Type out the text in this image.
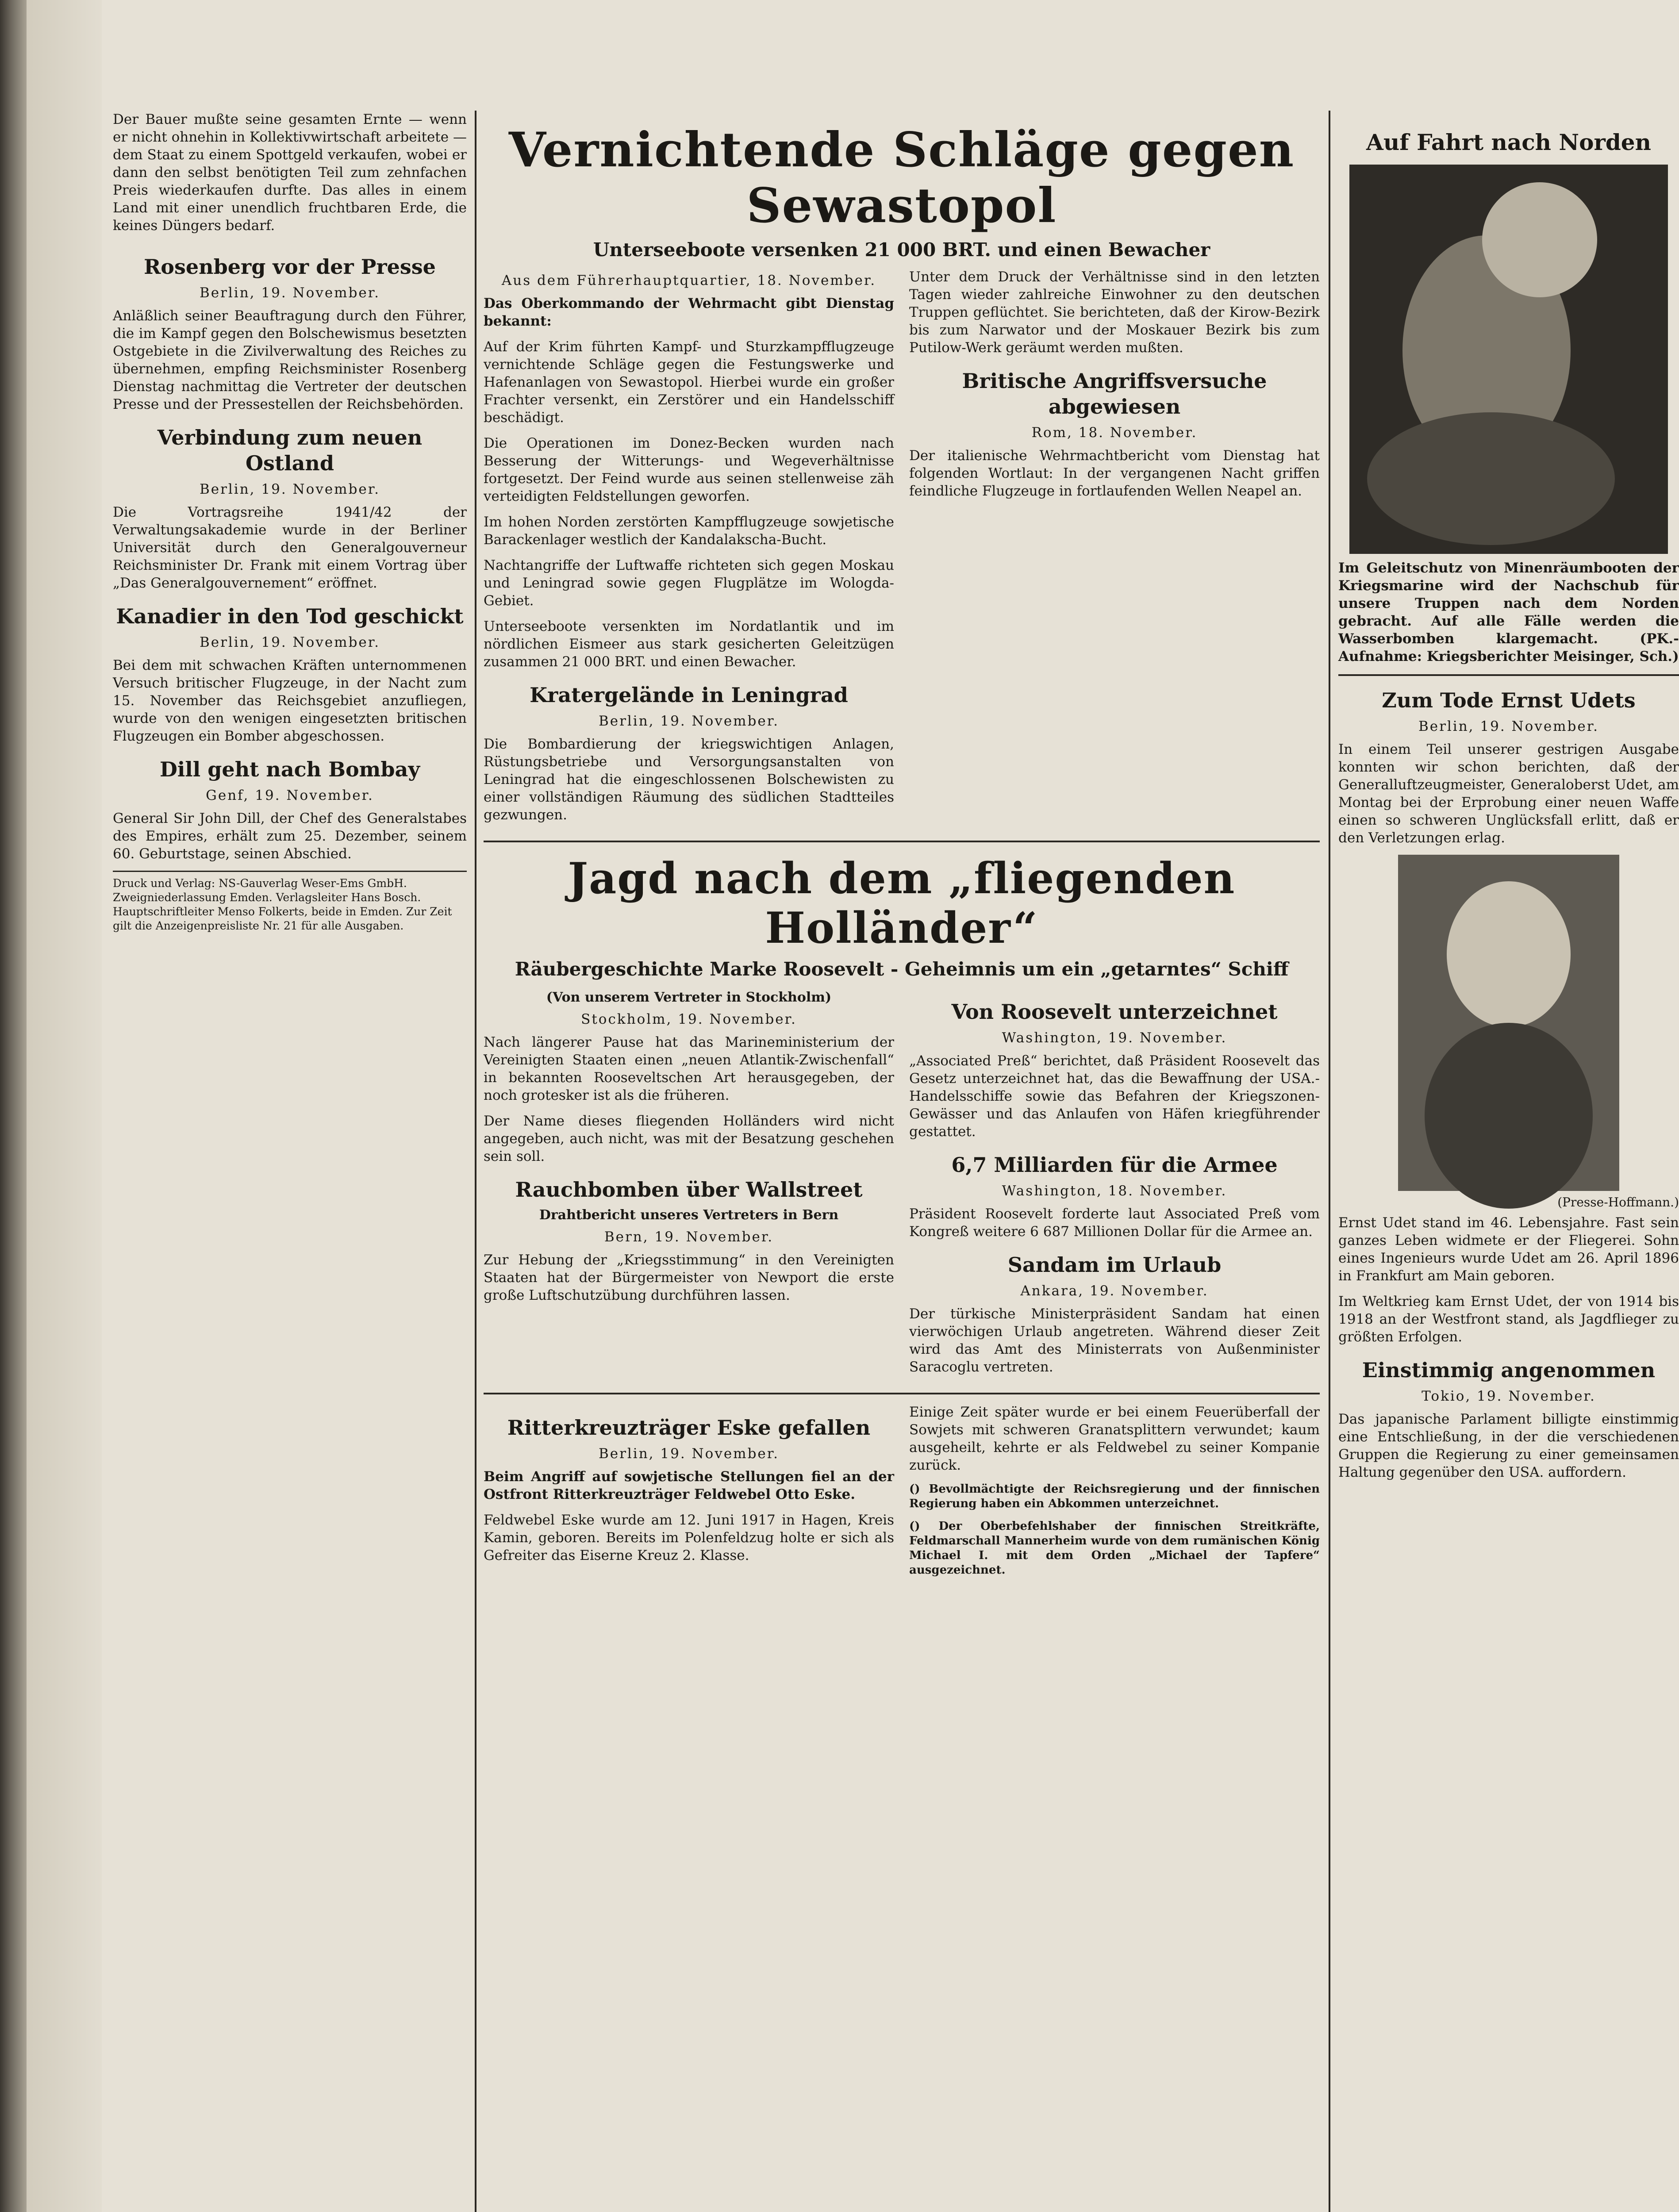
Der Bauer mußte seine gesamten Ernte — wenn er nicht ohnehin in Kollektivwirtschaft arbeitete — dem Staat zu einem Spottgeld verkaufen, wobei er dann den selbst benötigten Teil zum zehnfachen Preis wiederkaufen durfte. Das alles in einem Land mit einer unendlich fruchtbaren Erde, die keines Düngers bedarf.

Rosenberg vor der Presse
Berlin, 19. November.

Anläßlich seiner Beauftragung durch den Führer, die im Kampf gegen den Bolschewismus besetzten Ostgebiete in die Zivilverwaltung des Reiches zu übernehmen, empfing Reichsminister Rosenberg Dienstag nachmittag die Vertreter der deutschen Presse und der Pressestellen der Reichsbehörden.

Verbindung zum neuen Ostland
Berlin, 19. November.

Die Vortragsreihe 1941/42 der Verwaltungsakademie wurde in der Berliner Universität durch den Generalgouverneur Reichsminister Dr. Frank mit einem Vortrag über „Das Generalgouvernement“ eröffnet.

Kanadier in den Tod geschickt
Berlin, 19. November.

Bei dem mit schwachen Kräften unternommenen Versuch britischer Flugzeuge, in der Nacht zum 15. November das Reichsgebiet anzufliegen, wurde von den wenigen eingesetzten britischen Flugzeugen ein Bomber abgeschossen.

Dill geht nach Bombay
Genf, 19. November.

General Sir John Dill, der Chef des Generalstabes des Empires, erhält zum 25. Dezember, seinem 60. Geburtstage, seinen Abschied.

Druck und Verlag: NS-Gauverlag Weser-Ems GmbH. Zweigniederlassung Emden. Verlagsleiter Hans Bosch. Hauptschriftleiter Menso Folkerts, beide in Emden. Zur Zeit gilt die Anzeigenpreisliste Nr. 21 für alle Ausgaben.
Vernichtende Schläge gegen Sewastopol
Unterseeboote versenken 21 000 BRT. und einen Bewacher
Aus dem Führerhauptquartier, 18. November.

Das Oberkommando der Wehrmacht gibt Dienstag bekannt:

Auf der Krim führten Kampf- und Sturzkampfflugzeuge vernichtende Schläge gegen die Festungswerke und Hafenanlagen von Sewastopol. Hierbei wurde ein großer Frachter versenkt, ein Zerstörer und ein Handelsschiff beschädigt.

Die Operationen im Donez-Becken wurden nach Besserung der Witterungs- und Wegeverhältnisse fortgesetzt. Der Feind wurde aus seinen stellenweise zäh verteidigten Feldstellungen geworfen.

Im hohen Norden zerstörten Kampfflugzeuge sowjetische Barackenlager westlich der Kandalakscha-Bucht.

Nachtangriffe der Luftwaffe richteten sich gegen Moskau und Leningrad sowie gegen Flugplätze im Wologda-Gebiet.

Unterseeboote versenkten im Nordatlantik und im nördlichen Eismeer aus stark gesicherten Geleitzügen zusammen 21 000 BRT. und einen Bewacher.

Kratergelände in Leningrad
Berlin, 19. November.

Die Bombardierung der kriegswichtigen Anlagen, Rüstungsbetriebe und Versorgungsanstalten von Leningrad hat die eingeschlossenen Bolschewisten zu einer vollständigen Räumung des südlichen Stadtteiles gezwungen.

Unter dem Druck der Verhältnisse sind in den letzten Tagen wieder zahlreiche Einwohner zu den deutschen Truppen geflüchtet. Sie berichteten, daß der Kirow-Bezirk bis zum Narwator und der Moskauer Bezirk bis zum Putilow-Werk geräumt werden mußten.

Britische Angriffsversuche abgewiesen
Rom, 18. November.

Der italienische Wehrmachtbericht vom Dienstag hat folgenden Wortlaut: In der vergangenen Nacht griffen feindliche Flugzeuge in fortlaufenden Wellen Neapel an.

Jagd nach dem „fliegenden Holländer“
Räubergeschichte Marke Roosevelt - Geheimnis um ein „getarntes“ Schiff
(Von unserem Vertreter in Stockholm)
Stockholm, 19. November.

Nach längerer Pause hat das Marineministerium der Vereinigten Staaten einen „neuen Atlantik-Zwischenfall“ in bekannten Rooseveltschen Art herausgegeben, der noch grotesker ist als die früheren.

Der Name dieses fliegenden Holländers wird nicht angegeben, auch nicht, was mit der Besatzung geschehen sein soll.

Rauchbomben über Wallstreet
Drahtbericht unseres Vertreters in Bern
Bern, 19. November.

Zur Hebung der „Kriegsstimmung“ in den Vereinigten Staaten hat der Bürgermeister von Newport die erste große Luftschutzübung durchführen lassen.

Von Roosevelt unterzeichnet
Washington, 19. November.

„Associated Preß“ berichtet, daß Präsident Roosevelt das Gesetz unterzeichnet hat, das die Bewaffnung der USA.-Handelsschiffe sowie das Befahren der Kriegszonen-Gewässer und das Anlaufen von Häfen kriegführender gestattet.

6,7 Milliarden für die Armee
Washington, 18. November.

Präsident Roosevelt forderte laut Associated Preß vom Kongreß weitere 6 687 Millionen Dollar für die Armee an.

Sandam im Urlaub
Ankara, 19. November.

Der türkische Ministerpräsident Sandam hat einen vierwöchigen Urlaub angetreten. Während dieser Zeit wird das Amt des Ministerrats von Außenminister Saracoglu vertreten.

Ritterkreuzträger Eske gefallen
Berlin, 19. November.

Beim Angriff auf sowjetische Stellungen fiel an der Ostfront Ritterkreuzträger Feldwebel Otto Eske.

Feldwebel Eske wurde am 12. Juni 1917 in Hagen, Kreis Kamin, geboren. Bereits im Polenfeldzug holte er sich als Gefreiter das Eiserne Kreuz 2. Klasse.

Einige Zeit später wurde er bei einem Feuerüberfall der Sowjets mit schweren Granatsplittern verwundet; kaum ausgeheilt, kehrte er als Feldwebel zu seiner Kompanie zurück.

() Bevollmächtigte der Reichsregierung und der finnischen Regierung haben ein Abkommen unterzeichnet.

() Der Oberbefehlshaber der finnischen Streitkräfte, Feldmarschall Mannerheim wurde von dem rumänischen König Michael I. mit dem Orden „Michael der Tapfere“ ausgezeichnet.

Auf Fahrt nach Norden

Im Geleitschutz von Minenräumbooten der Kriegsmarine wird der Nachschub für unsere Truppen nach dem Norden gebracht. Auf alle Fälle werden die Wasserbomben klargemacht. (PK.-Aufnahme: Kriegsberichter Meisinger, Sch.)

Zum Tode Ernst Udets
Berlin, 19. November.

In einem Teil unserer gestrigen Ausgabe konnten wir schon berichten, daß der Generalluftzeugmeister, Generaloberst Udet, am Montag bei der Erprobung einer neuen Waffe einen so schweren Unglücksfall erlitt, daß er den Verletzungen erlag.

(Presse-Hoffmann.)

Ernst Udet stand im 46. Lebensjahre. Fast sein ganzes Leben widmete er der Fliegerei. Sohn eines Ingenieurs wurde Udet am 26. April 1896 in Frankfurt am Main geboren.

Im Weltkrieg kam Ernst Udet, der von 1914 bis 1918 an der Westfront stand, als Jagdflieger zu größten Erfolgen.

Einstimmig angenommen
Tokio, 19. November.

Das japanische Parlament billigte einstimmig eine Entschließung, in der die verschiedenen Gruppen die Regierung zu einer gemeinsamen Haltung gegenüber den USA. auffordern.
